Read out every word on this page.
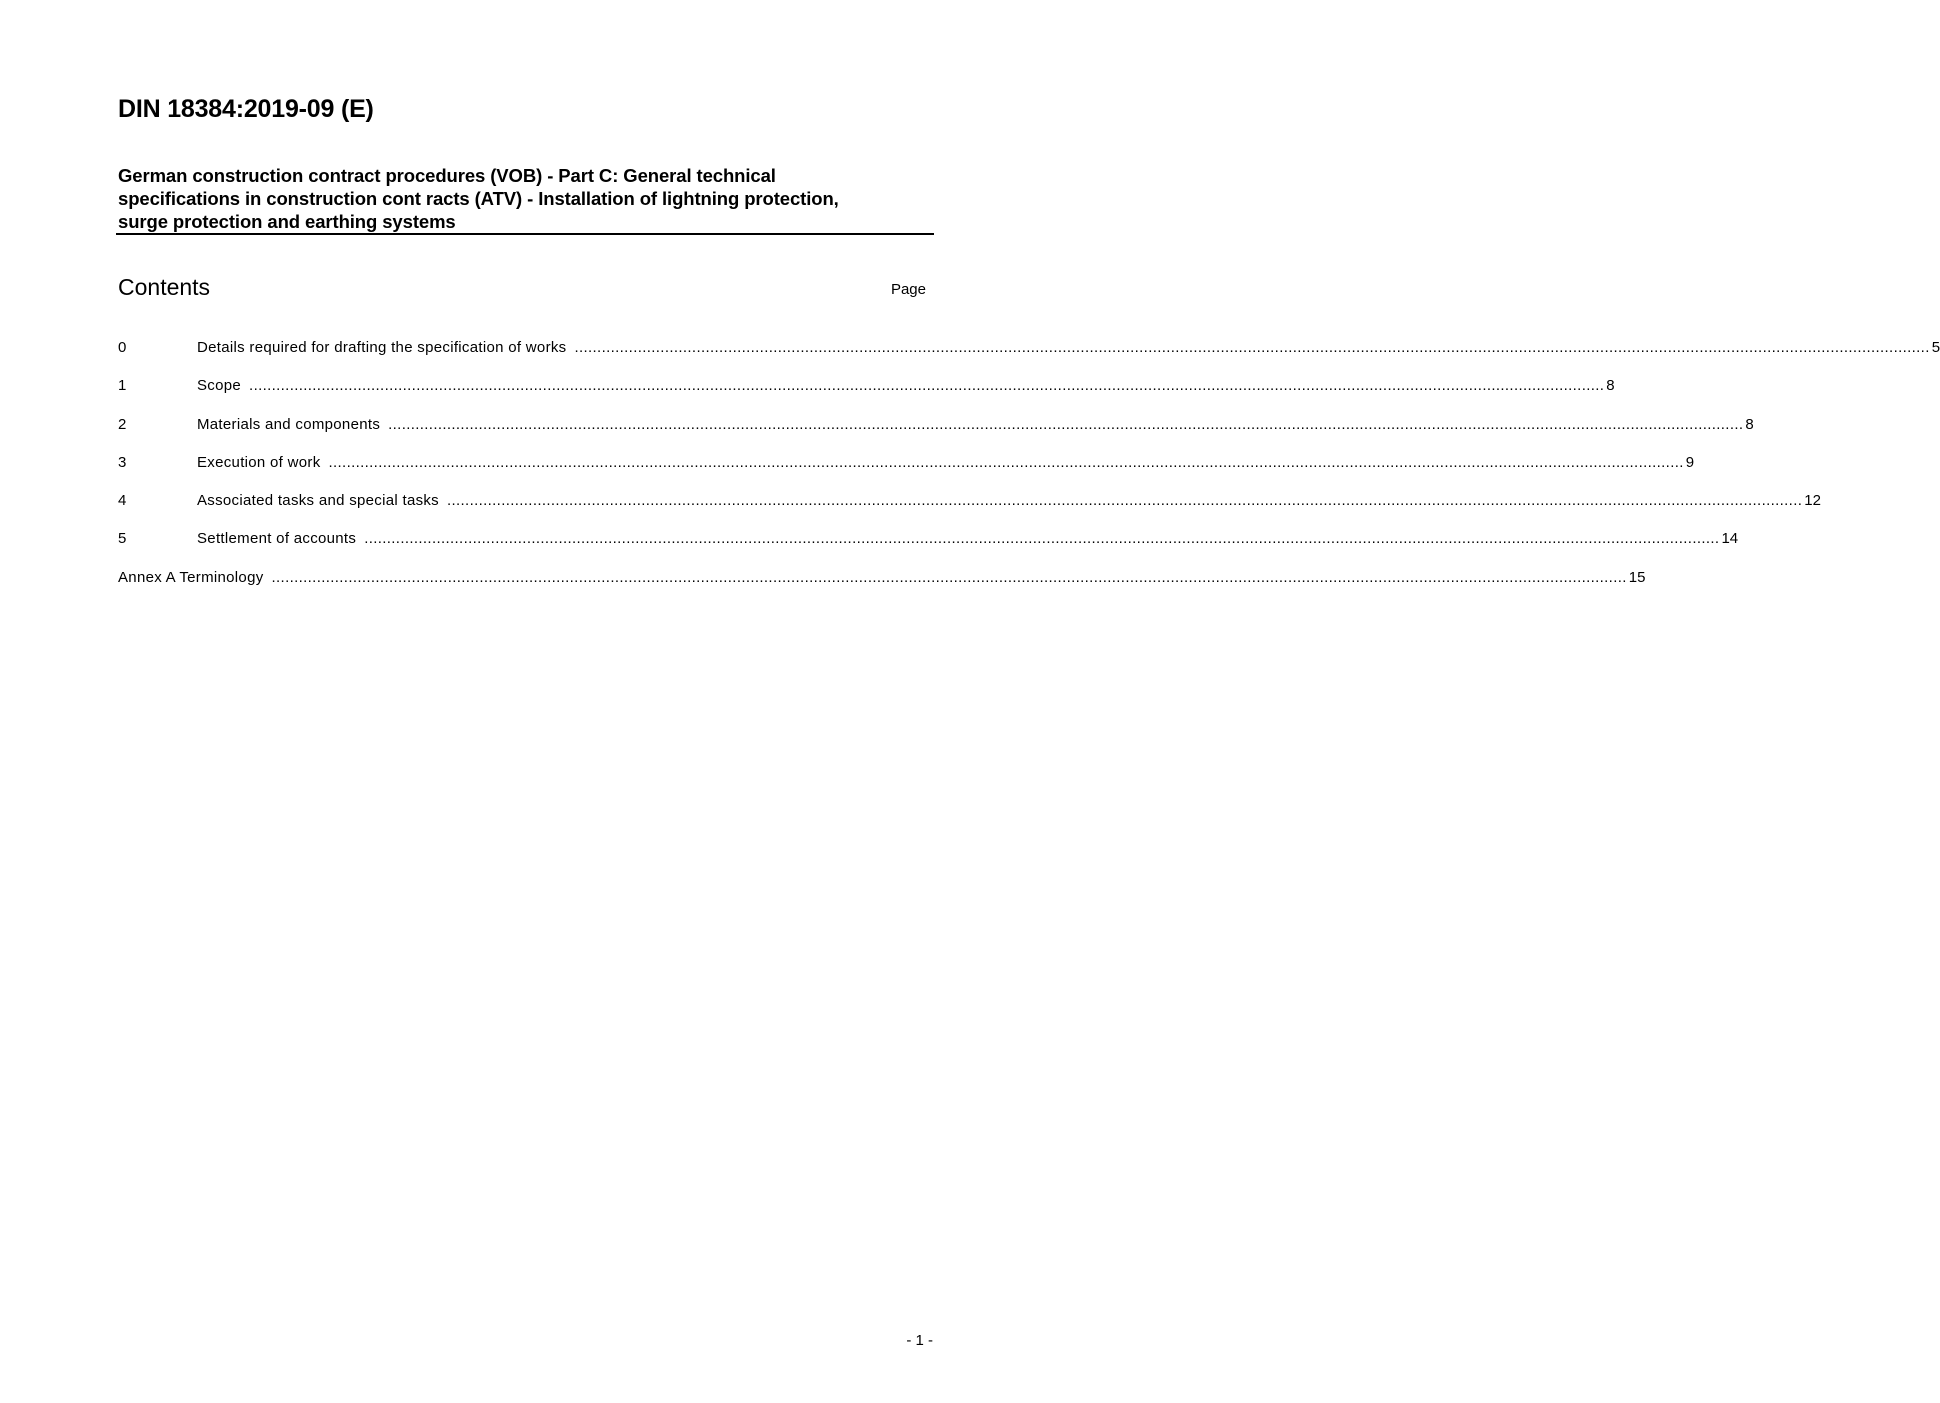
DIN 18384:2019-09 (E)
German construction contract procedures (VOB) - Part C: General technical
specifications in construction cont racts (ATV) - Installation of lightning protection,
surge protection and earthing systems
Contents	Page
0	Details required for drafting the specification of works ............................................................................................................................................................................................................................................................................................................ 5
1	Scope ............................................................................................................................................................................................................................................................................................................ 8
2	Materials and components ............................................................................................................................................................................................................................................................................................................ 8
3	Execution of work ............................................................................................................................................................................................................................................................................................................ 9
4	Associated tasks and special tasks ............................................................................................................................................................................................................................................................................................................ 12
5	Settlement of accounts ............................................................................................................................................................................................................................................................................................................ 14
Annex A Terminology ............................................................................................................................................................................................................................................................................................................ 15
- 1 -
